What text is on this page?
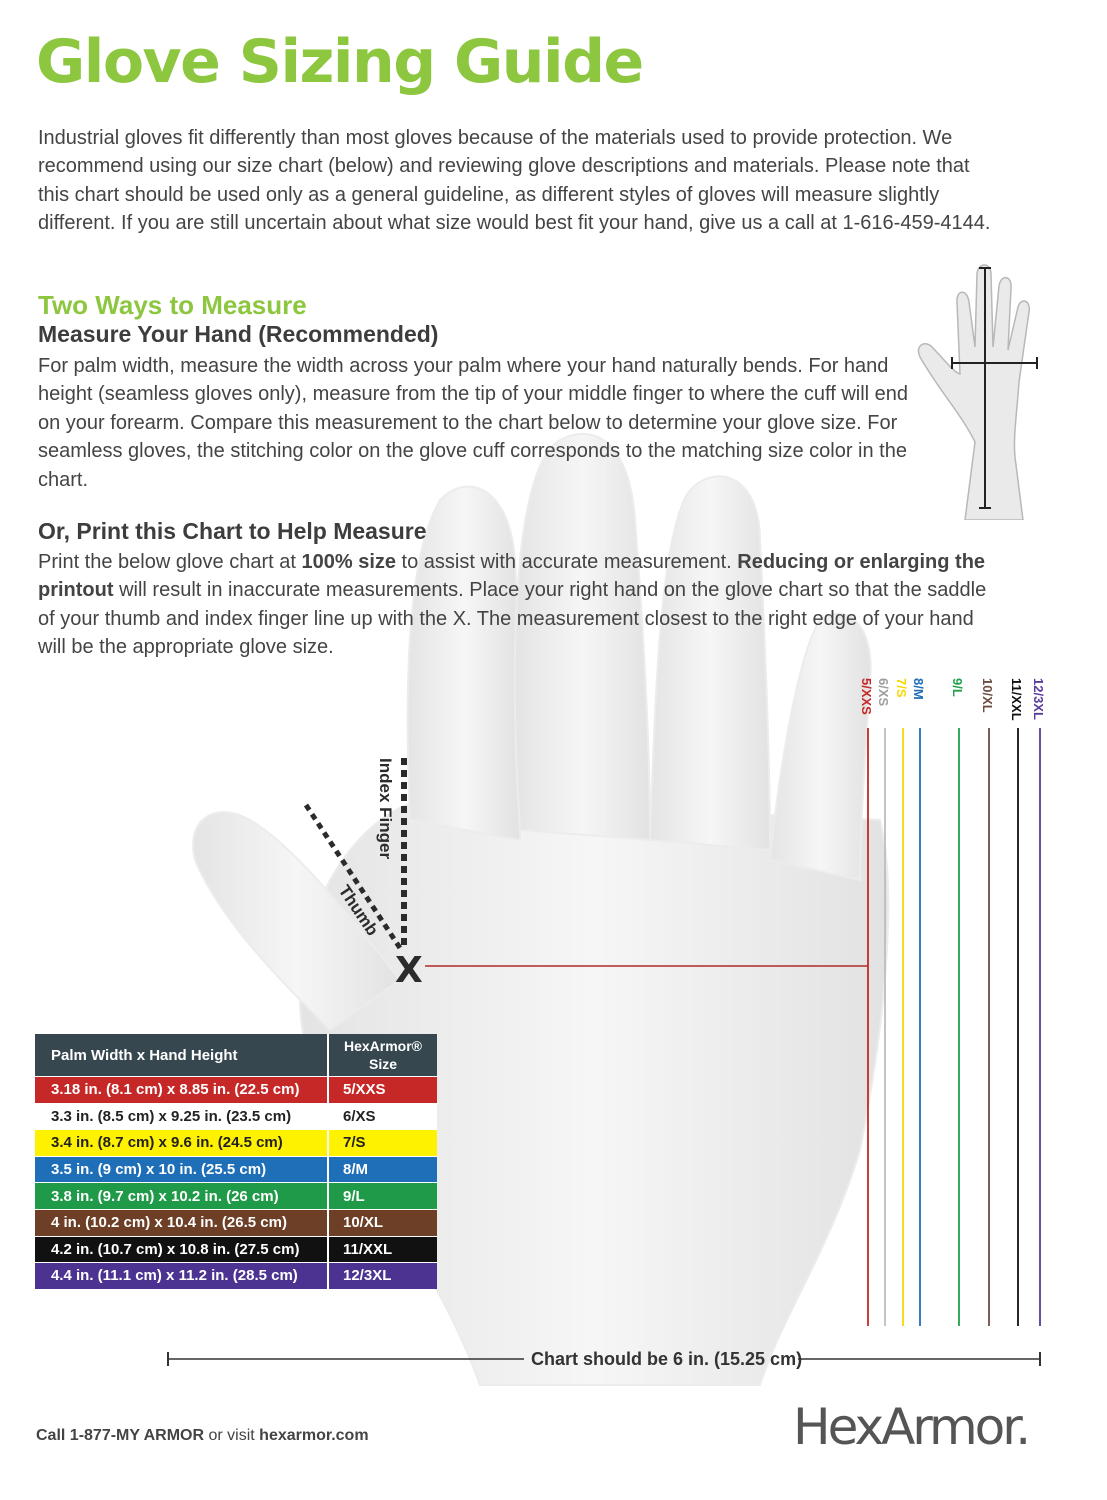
Glove Sizing Guide

Industrial gloves fit differently than most gloves because of the materials used to provide protection. We recommend using our size chart (below) and reviewing glove descriptions and materials. Please note that this chart should be used only as a general guideline, as different styles of gloves will measure slightly different. If you are still uncertain about what size would best fit your hand, give us a call at 1-616-459-4144.

Two Ways to Measure
Measure Your Hand (Recommended)

For palm width, measure the width across your palm where your hand naturally bends. For hand height (seamless gloves only), measure from the tip of your middle finger to where the cuff will end on your forearm. Compare this measurement to the chart below to determine your glove size. For seamless gloves, the stitching color on the glove cuff corresponds to the matching size color in the chart.

Or, Print this Chart to Help Measure

Print the below glove chart at 100% size to assist with accurate measurement. Reducing or enlarging the printout will result in inaccurate measurements. Place your right hand on the glove chart so that the saddle of your thumb and index finger line up with the X. The measurement closest to the right edge of your hand will be the appropriate glove size.

Index Finger
Thumb
X
5/XXS 6/XS 7/S 8/M 9/L 10/XL 11/XXL 12/3XL
Chart should be 6 in. (15.25 cm)
Palm Width x Hand Height	HexArmor®
Size
3.18 in. (8.1 cm) x 8.85 in. (22.5 cm)	5/XXS
3.3 in. (8.5 cm) x 9.25 in. (23.5 cm)	6/XS
3.4 in. (8.7 cm) x 9.6 in. (24.5 cm)	7/S
3.5 in. (9 cm) x 10 in. (25.5 cm)	8/M
3.8 in. (9.7 cm) x 10.2 in. (26 cm)	9/L
4 in. (10.2 cm) x 10.4 in. (26.5 cm)	10/XL
4.2 in. (10.7 cm) x 10.8 in. (27.5 cm)	11/XXL
4.4 in. (11.1 cm) x 11.2 in. (28.5 cm)	12/3XL

Call 1-877-MY ARMOR or visit hexarmor.com	HexArmor.
